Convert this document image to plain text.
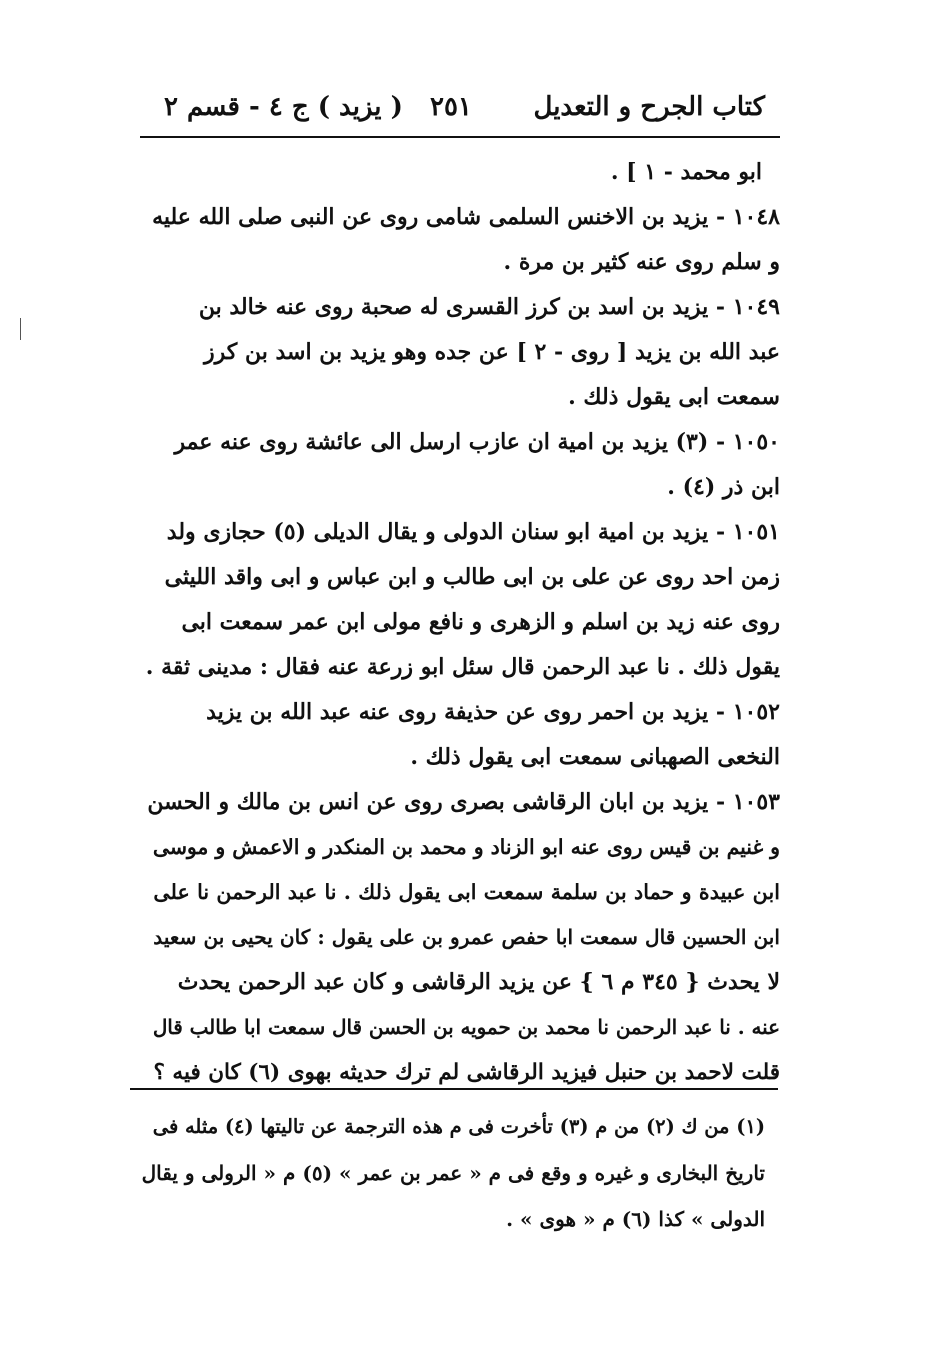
كتاب الجرح و التعديل
٢٥١
( يزيد ) ج ٤ - قسم ٢

ابو محمد - ١ ] .

١٠٤٨ - يزيد بن الاخنس السلمى شامى روى عن النبى صلى الله عليه

و سلم روى عنه كثير بن مرة .

١٠٤٩ - يزيد بن اسد بن كرز القسرى له صحبة روى عنه خالد بن

عبد الله بن يزيد [ روى - ٢ ] عن جده وهو يزيد بن اسد بن كرز

سمعت ابى يقول ذلك .

١٠٥٠ - (٣) يزيد بن امية ان عازب ارسل الى عائشة روى عنه عمر

ابن ذر (٤) .

١٠٥١ - يزيد بن امية ابو سنان الدولى و يقال الديلى (٥) حجازى ولد

زمن احد روى عن على بن ابى طالب و ابن عباس و ابى واقد الليثى

روى عنه زيد بن اسلم و الزهرى و نافع مولى ابن عمر سمعت ابى

يقول ذلك . نا عبد الرحمن قال سئل ابو زرعة عنه فقال : مدينى ثقة .

١٠٥٢ - يزيد بن احمر روى عن حذيفة روى عنه عبد الله بن يزيد

النخعى الصهبانى سمعت ابى يقول ذلك .

١٠٥٣ - يزيد بن ابان الرقاشى بصرى روى عن انس بن مالك و الحسن

و غنيم بن قيس روى عنه ابو الزناد و محمد بن المنكدر و الاعمش و موسى

ابن عبيدة و حماد بن سلمة سمعت ابى يقول ذلك . نا عبد الرحمن نا على

ابن الحسين قال سمعت ابا حفص عمرو بن على يقول : كان يحيى بن سعيد

لا يحدث { ٣٤٥ م ٦ } عن يزيد الرقاشى و كان عبد الرحمن يحدث

عنه . نا عبد الرحمن نا محمد بن حمويه بن الحسن قال سمعت ابا طالب قال

قلت لاحمد بن حنبل فيزيد الرقاشى لم ترك حديثه بهوى (٦) كان فيه ؟

(١) من ك (٢) من م (٣) تأخرت فى م هذه الترجمة عن تاليتها (٤) مثله فى

تاريخ البخارى و غيره و وقع فى م « عمر بن عمر » (٥) م « الرولى و يقال

الدولى » كذا (٦) م « هوى » .
